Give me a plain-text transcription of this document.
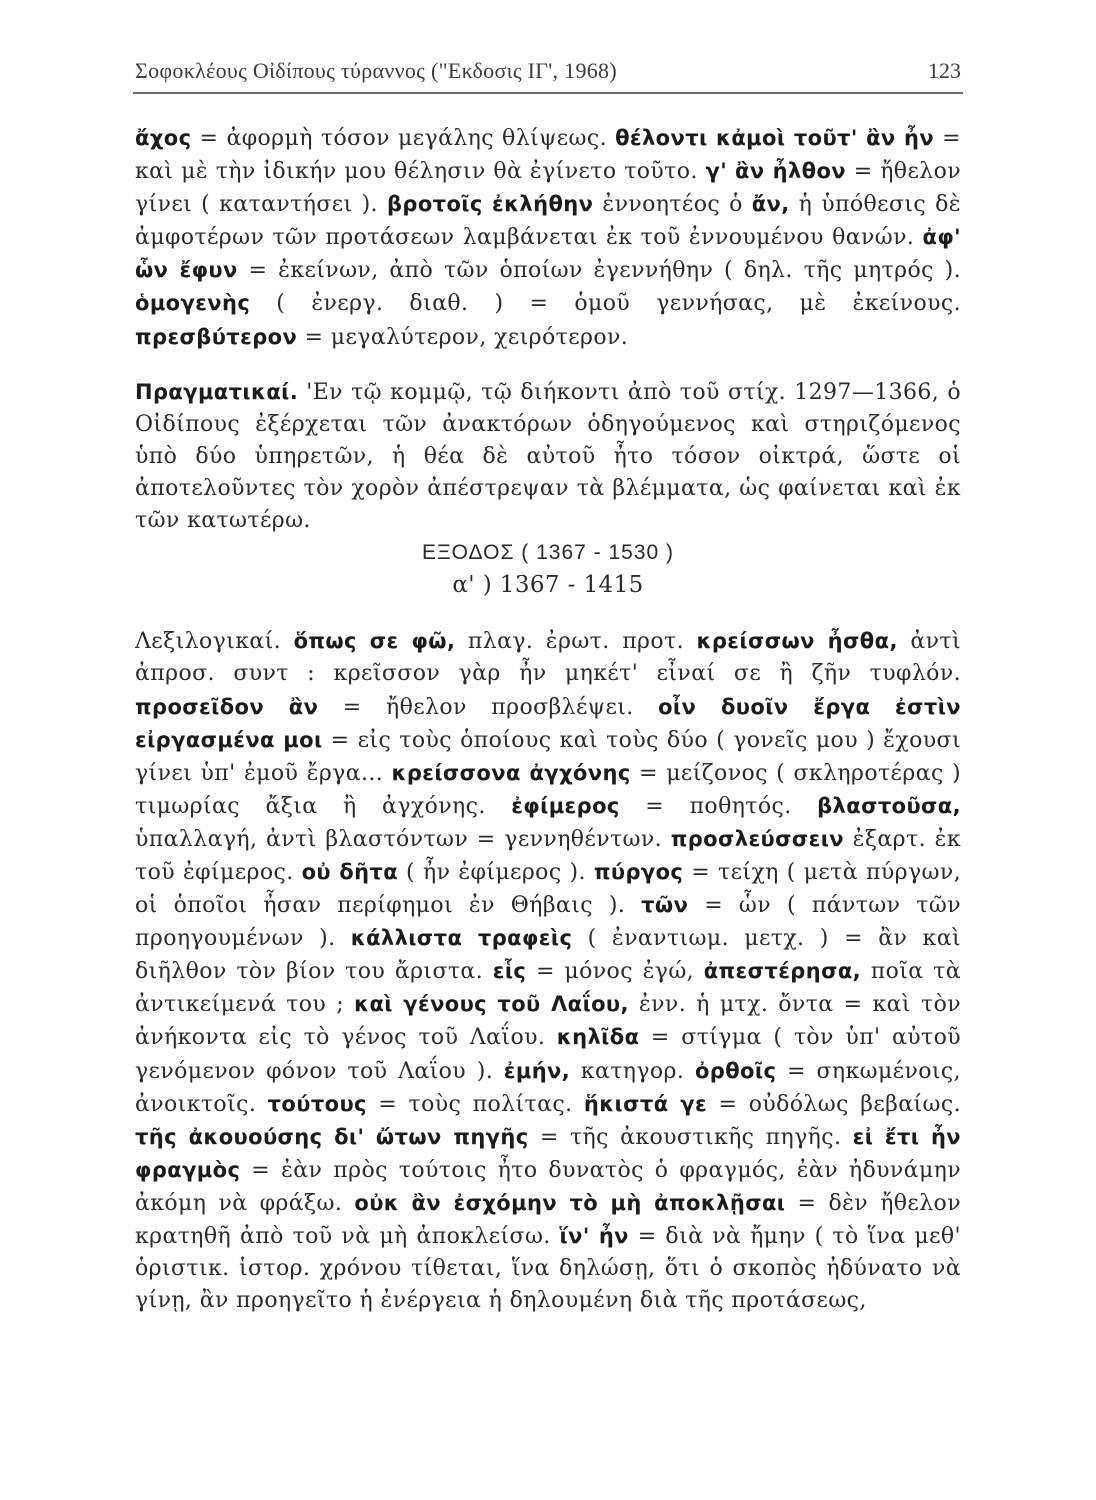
Σοφοκλέους Οἰδίπους τύραννος ("Εκδοσις ΙΓ', 1968)	123

ἄχος = ἀφορμὴ τόσον μεγάλης θλίψεως. θέλοντι κἀμοὶ τοῦτ' ἂν ἦν = καὶ μὲ τὴν ἰδικήν μου θέλησιν θὰ ἐγίνετο τοῦτο. γ' ἂν ἦλθον = ἤθελον γίνει ( καταντήσει ). βροτοῖς ἐκλήθην ἐννοητέος ὁ ἄν, ἡ ὑπόθεσις δὲ ἀμφοτέρων τῶν προτάσεων λαμβάνεται ἐκ τοῦ ἐννουμένου θανών. ἀφ' ὧν ἔφυν = ἐκείνων, ἀπὸ τῶν ὁποίων ἐγεννήθην ( δηλ. τῆς μητρός ). ὁμογενὴς ( ἐνεργ. διαθ. ) = ὁμοῦ γεννήσας, μὲ ἐκείνους. πρεσβύτερον = μεγαλύτερον, χειρότερον.

Πραγματικαί. 'Εν τῷ κομμῷ, τῷ διήκοντι ἀπὸ τοῦ στίχ. 1297—1366, ὁ Οἰδίπους ἐξέρχεται τῶν ἀνακτόρων ὁδηγούμενος καὶ στηριζόμενος ὑπὸ δύο ὑπηρετῶν, ἡ θέα δὲ αὐτοῦ ἦτο τόσον οἰκτρά, ὥστε οἱ ἀποτελοῦντες τὸν χορὸν ἀπέστρεψαν τὰ βλέμματα, ὡς φαίνεται καὶ ἐκ τῶν κατωτέρω.

ΕΞΟΔΟΣ ( 1367 - 1530 )

α' ) 1367 - 1415

Λεξιλογικαί. ὅπως σε φῶ, πλαγ. ἐρωτ. προτ. κρείσσων ἦσθα, ἀντὶ ἀπροσ. συντ : κρεῖσσον γὰρ ἦν μηκέτ' εἶναί σε ἢ ζῆν τυφλόν. προσεῖδον ἂν = ἤθελον προσβλέψει. οἶν δυοῖν ἔργα ἐστὶν εἰργασμένα μοι = εἰς τοὺς ὁποίους καὶ τοὺς δύο ( γονεῖς μου ) ἔχουσι γίνει ὑπ' ἐμοῦ ἔργα... κρείσσονα ἀγχόνης = μείζονος ( σκληροτέρας ) τιμωρίας ἄξια ἢ ἀγχόνης. ἐφίμερος = ποθητός. βλαστοῦσα, ὑπαλλαγή, ἀντὶ βλαστόντων = γεννηθέντων. προσλεύσσειν ἐξαρτ. ἐκ τοῦ ἐφίμερος. οὐ δῆτα ( ἦν ἐφίμερος ). πύργος = τείχη ( μετὰ πύργων, οἱ ὁποῖοι ἦσαν περίφημοι ἐν Θήβαις ). τῶν = ὧν ( πάντων τῶν προηγουμένων ). κάλλιστα τραφεὶς ( ἐναντιωμ. μετχ. ) = ἂν καὶ διῆλθον τὸν βίον του ἄριστα. εἷς = μόνος ἐγώ, ἀπεστέρησα, ποῖα τὰ ἀντικείμενά του ; καὶ γένους τοῦ Λαΐου, ἐνν. ἡ μτχ. ὄντα = καὶ τὸν ἀνήκοντα εἰς τὸ γένος τοῦ Λαΐου. κηλῖδα = στίγμα ( τὸν ὑπ' αὐτοῦ γενόμενον φόνον τοῦ Λαΐου ). ἐμήν, κατηγορ. ὀρθοῖς = σηκωμένοις, ἀνοικτοῖς. τούτους = τοὺς πολίτας. ἥκιστά γε = οὐδόλως βεβαίως. τῆς ἀκουούσης δι' ὤτων πηγῆς = τῆς ἀκουστικῆς πηγῆς. εἰ ἔτι ἦν φραγμὸς = ἐὰν πρὸς τούτοις ἦτο δυνατὸς ὁ φραγμός, ἐὰν ἠδυνάμην ἀκόμη νὰ φράξω. οὐκ ἂν ἐσχόμην τὸ μὴ ἀποκλῇσαι = δὲν ἤθελον κρατηθῆ ἀπὸ τοῦ νὰ μὴ ἀποκλείσω. ἵν' ἦν = διὰ νὰ ἤμην ( τὸ ἵνα μεθ' ὁριστικ. ἱστορ. χρόνου τίθεται, ἵνα δηλώσῃ, ὅτι ὁ σκοπὸς ἠδύνατο νὰ γίνῃ, ἂν προηγεῖτο ἡ ἐνέργεια ἡ δηλουμένη διὰ τῆς προτάσεως,
